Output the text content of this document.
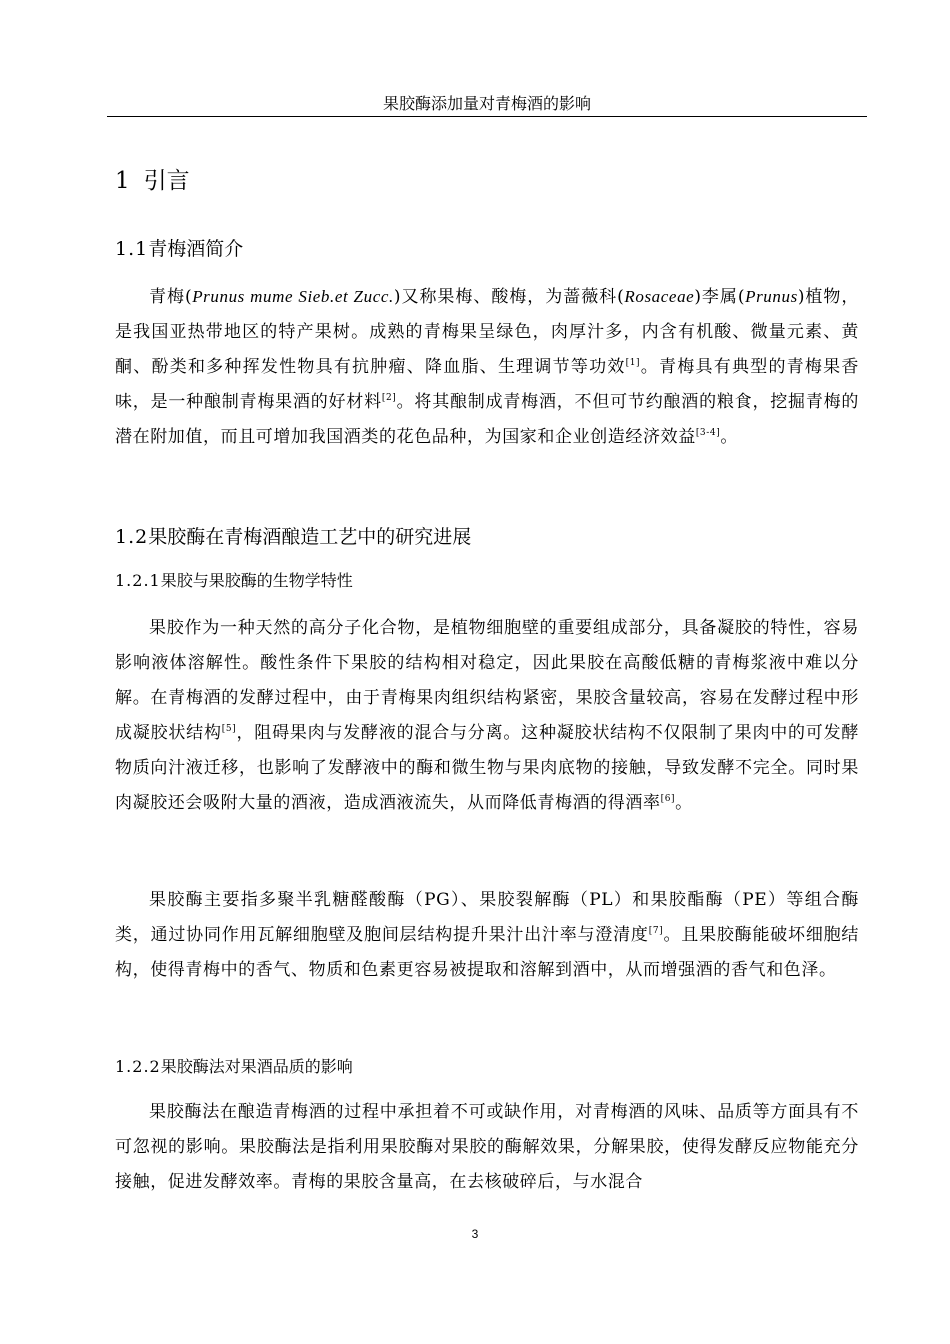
果胶酶添加量对青梅酒的影响
1 引言
1.1青梅酒简介

青梅(Prunus mume Sieb.et Zucc.)又称果梅、酸梅，为蔷薇科(Rosaceae)李属(Prunus)植物，是我国亚热带地区的特产果树。成熟的青梅果呈绿色，肉厚汁多，内含有机酸、微量元素、黄酮、酚类和多种挥发性物具有抗肿瘤、降血脂、生理调节等功效[1]。青梅具有典型的青梅果香味，是一种酿制青梅果酒的好材料[2]。将其酿制成青梅酒，不但可节约酿酒的粮食，挖掘青梅的潜在附加值，而且可增加我国酒类的花色品种，为国家和企业创造经济效益[3-4]。

1.2果胶酶在青梅酒酿造工艺中的研究进展
1.2.1果胶与果胶酶的生物学特性

果胶作为一种天然的高分子化合物，是植物细胞壁的重要组成部分，具备凝胶的特性，容易影响液体溶解性。酸性条件下果胶的结构相对稳定，因此果胶在高酸低糖的青梅浆液中难以分解。在青梅酒的发酵过程中，由于青梅果肉组织结构紧密，果胶含量较高，容易在发酵过程中形成凝胶状结构[5]，阻碍果肉与发酵液的混合与分离。这种凝胶状结构不仅限制了果肉中的可发酵物质向汁液迁移，也影响了发酵液中的酶和微生物与果肉底物的接触，导致发酵不完全。同时果肉凝胶还会吸附大量的酒液，造成酒液流失，从而降低青梅酒的得酒率[6]。

果胶酶主要指多聚半乳糖醛酸酶（PG）、果胶裂解酶（PL）和果胶酯酶（PE）等组合酶类，通过协同作用瓦解细胞壁及胞间层结构提升果汁出汁率与澄清度[7]。且果胶酶能破坏细胞结构，使得青梅中的香气、物质和色素更容易被提取和溶解到酒中，从而增强酒的香气和色泽。

1.2.2果胶酶法对果酒品质的影响

果胶酶法在酿造青梅酒的过程中承担着不可或缺作用，对青梅酒的风味、品质等方面具有不可忽视的影响。果胶酶法是指利用果胶酶对果胶的酶解效果，分解果胶，使得发酵反应物能充分接触，促进发酵效率。青梅的果胶含量高，在去核破碎后，与水混合

3
